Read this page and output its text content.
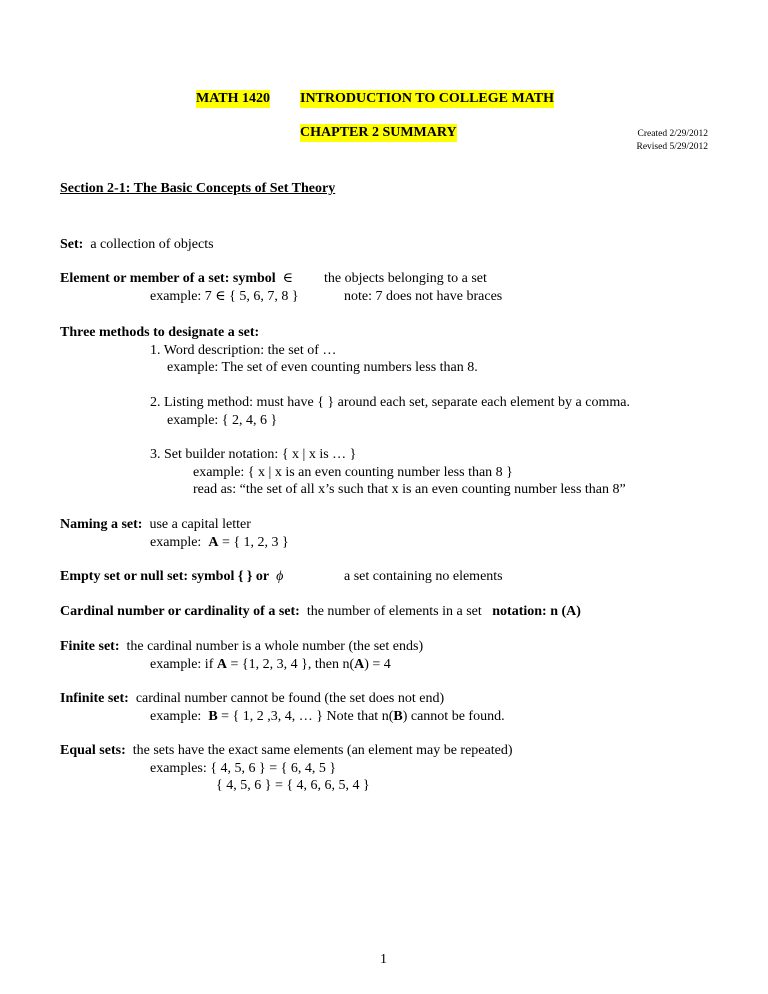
MATH 1420 INTRODUCTION TO COLLEGE MATH
CHAPTER 2 SUMMARY	Created 2/29/2012
Revised 5/29/2012
Section 2-1: The Basic Concepts of Set Theory
Set: a collection of objects
Element or member of a set: symbol ∈ the objects belonging to a set
example: 7 ∈ { 5, 6, 7, 8 }	note: 7 does not have braces
Three methods to designate a set:
1. Word description: the set of …
example: The set of even counting numbers less than 8.
2. Listing method: must have { } around each set, separate each element by a comma.
example: { 2, 4, 6 }
3. Set builder notation: { x | x is … }
example: { x | x is an even counting number less than 8 }
read as: “the set of all x’s such that x is an even counting number less than 8”
Naming a set: use a capital letter
example: A = { 1, 2, 3 }
Empty set or null set: symbol { } or ϕ	a set containing no elements
Cardinal number or cardinality of a set: the number of elements in a set notation: n (A)
Finite set: the cardinal number is a whole number (the set ends)
example: if A = {1, 2, 3, 4 }, then n(A) = 4
Infinite set: cardinal number cannot be found (the set does not end)
example: B = { 1, 2 ,3, 4, … } Note that n(B) cannot be found.
Equal sets: the sets have the exact same elements (an element may be repeated)
examples: { 4, 5, 6 } = { 6, 4, 5 }
{ 4, 5, 6 } = { 4, 6, 6, 5, 4 }
1
